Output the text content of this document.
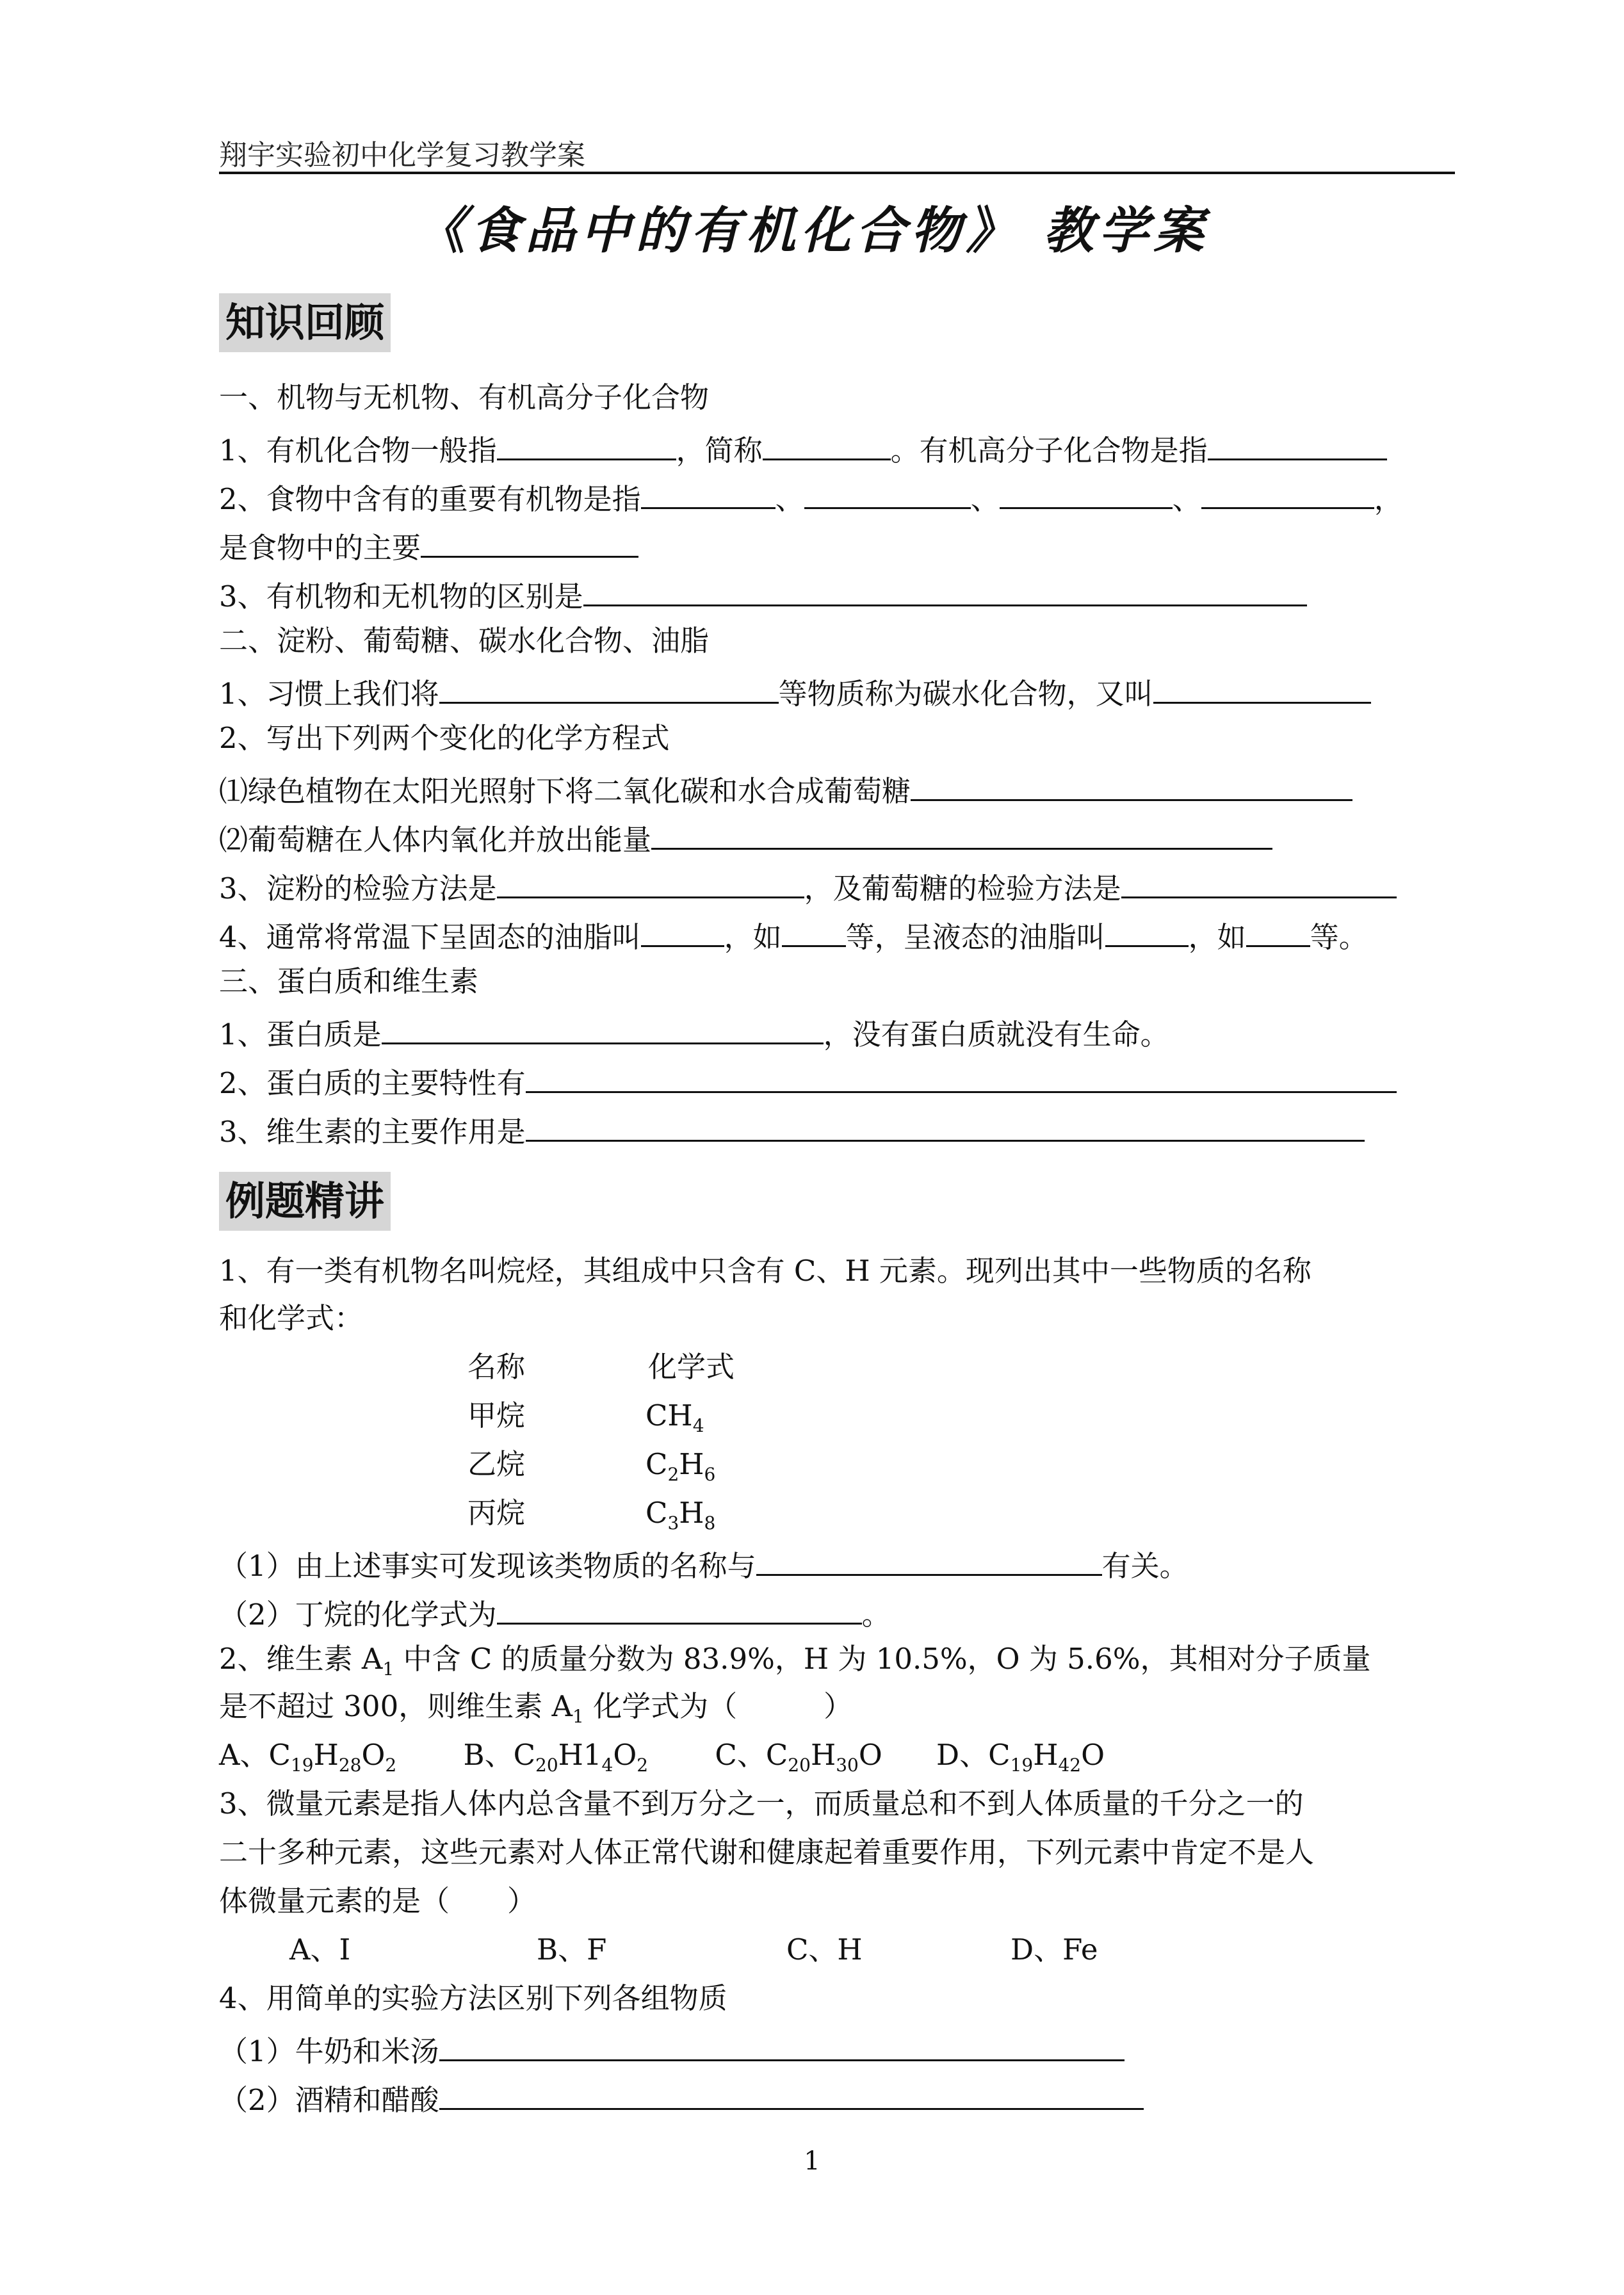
翔宇实验初中化学复习教学案
《食品中的有机化合物》 教学案
知识回顾
一、机物与无机物、有机高分子化合物
1、有机化合物一般指	，简称	。有机高分子化合物是指
2、食物中含有的重要有机物是指	、	、	、	，
是食物中的主要
3、有机物和无机物的区别是
二、淀粉、葡萄糖、碳水化合物、油脂
1、习惯上我们将	等物质称为碳水化合物，又叫
2、写出下列两个变化的化学方程式
⑴绿色植物在太阳光照射下将二氧化碳和水合成葡萄糖
⑵葡萄糖在人体内氧化并放出能量
3、淀粉的检验方法是	，及葡萄糖的检验方法是
4、通常将常温下呈固态的油脂叫	，如 等，呈液态的油脂叫	，如 等。
三、蛋白质和维生素
1、蛋白质是	，没有蛋白质就没有生命。
2、蛋白质的主要特性有
3、维生素的主要作用是
例题精讲
1、有一类有机物名叫烷烃，其组成中只含有 C、H 元素。现列出其中一些物质的名称
和化学式：
名称	化学式
甲烷	$CH_4$
乙烷	$C_2H_6$
丙烷	$C_3H_8$
（1）由上述事实可发现该类物质的名称与	有关。
（2）丁烷的化学式为	。
2、维生素 $A_1$ 中含 C 的质量分数为 83.9%，H 为 10.5%，O 为 5.6%，其相对分子质量
是不超过 300，则维生素 $A_1$ 化学式为（　　　）
A、$C_{19}H_{28}O_2$ B、$C_{20}H1_4O_2$ C、$C_{20}H_{30}O$ D、$C_{19}H_{42}O$
3、微量元素是指人体内总含量不到万分之一，而质量总和不到人体质量的千分之一的
二十多种元素，这些元素对人体正常代谢和健康起着重要作用，下列元素中肯定不是人
体微量元素的是（　　）
A、I	B、F	C、H	D、Fe
4、用简单的实验方法区别下列各组物质
（1）牛奶和米汤
（2）酒精和醋酸
1
